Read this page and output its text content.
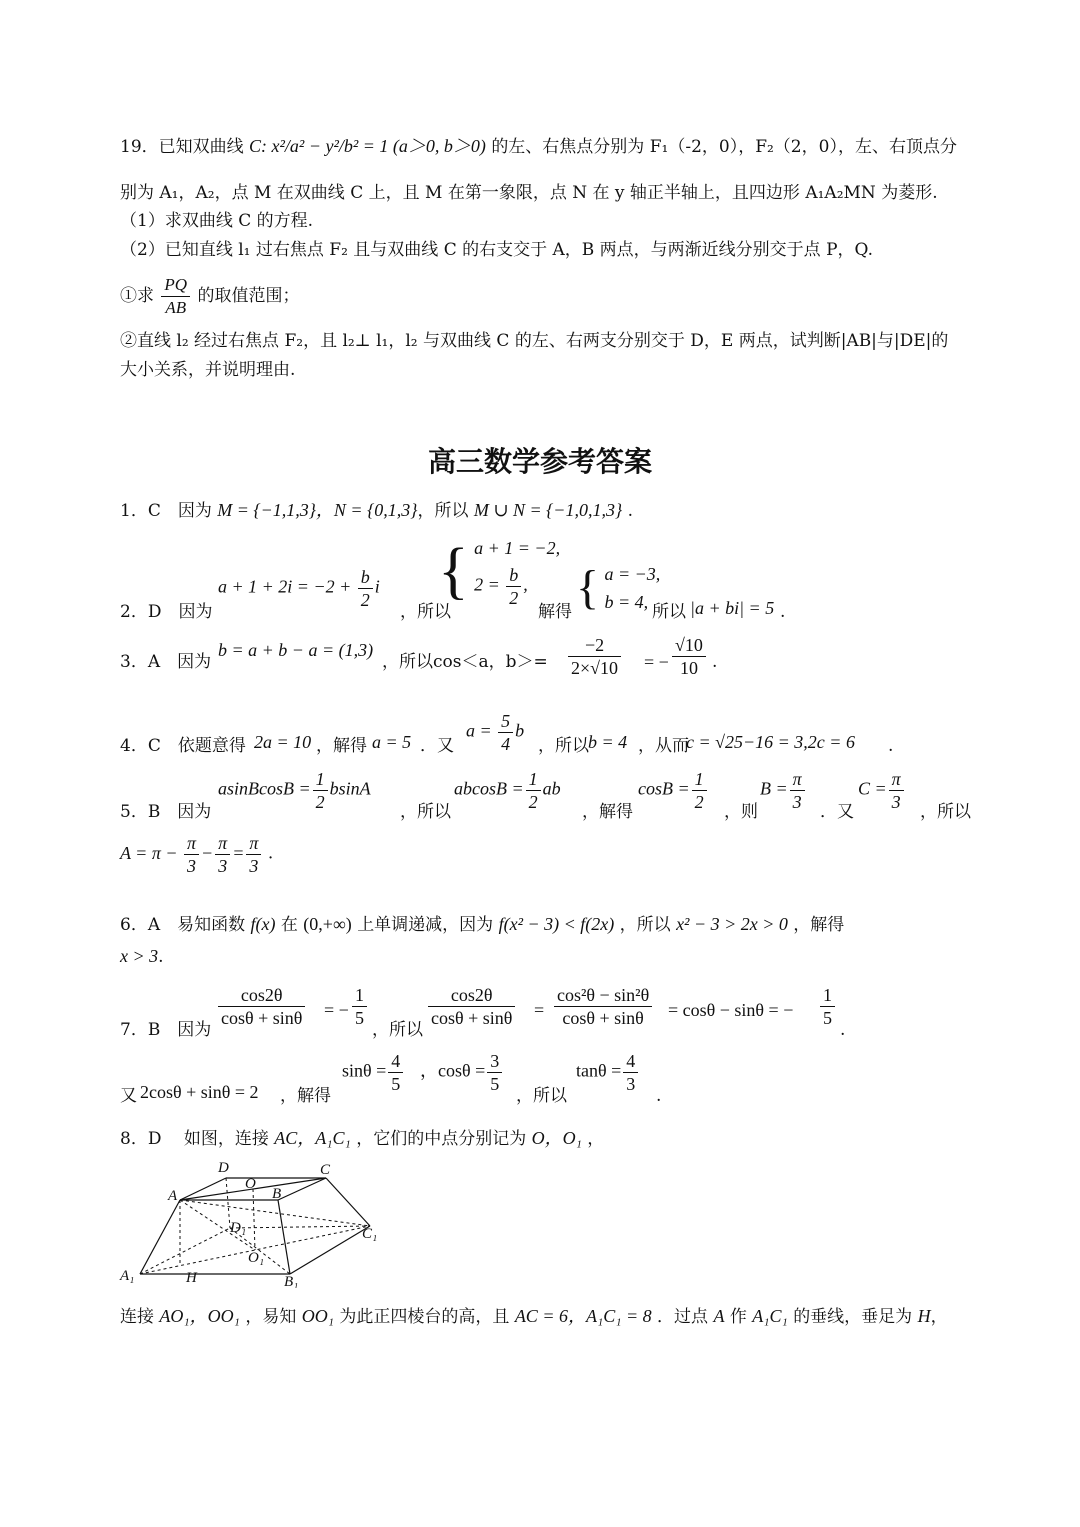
19．已知双曲线 C: x²/a² − y²/b² = 1 (a＞0, b＞0) 的左、右焦点分别为 F₁（-2，0），F₂（2，0），左、右顶点分
别为 A₁，A₂，点 M 在双曲线 C 上，且 M 在第一象限，点 N 在 y 轴正半轴上，且四边形 A₁A₂MN 为菱形.
（1）求双曲线 C 的方程.
（2）已知直线 l₁ 过右焦点 F₂ 且与双曲线 C 的右支交于 A，B 两点，与两渐近线分别交于点 P，Q.
①求 $\frac{PQ}{AB}$ 的取值范围；
②直线 l₂ 经过右焦点 F₂，且 l₂⊥ l₁，l₂ 与双曲线 C 的左、右两支分别交于 D，E 两点，试判断|AB|与|DE|的
大小关系，并说明理由.
高三数学参考答案
1．C　因为 M = {−1,1,3}，N = {0,1,3}，所以 M ∪ N = {−1,0,1,3} .
2．D　因为
$a + 1 + 2i = -2 + \frac{b}{2}$ i
，所以
{ a + 1 = −2,
$2 = \frac{b}{2}$ ,
解得 { a = −3,
b = 4, 所以 |a + bi| = 5 .
3．A　因为
b = a + b − a = (1,3)
，所以cos＜a，$b>= \frac{-2}{2\times√10}$ = − $\frac{√10}{10}$ .
4．C　依题意得 2a = 10 ，解得 a = 5 ．又
$a = \frac{5}{4}$ b
，所以 b = 4 ，从而
c = √25−16 = 3,2c = 6 .
5．B　因为
asinBcosB = $\frac{1}{2}$ bsinA
，所以
$abcosB = \frac{1}{2}$ ab
，解得
$\cos B = \frac{1}{2}$ ，则
$B = \frac{\pi}{3}$ ．又
$C = \frac{\pi}{3}$ ，所以
$A = \pi - \frac{\pi}{3} - \frac{\pi}{3} = \frac{\pi}{3}$ .
6．A　易知函数 f(x) 在 (0,+∞) 上单调递减，因为 f(x² − 3) < f(2x) ，所以 x² − 3 > 2x > 0 ，解得
x > 3.
7．B　因为
$\frac{\cos 2\theta}{\cos\theta + \sin\theta}$ = − $\frac{1}{5}$
，所以
$\frac{\cos 2\theta}{\cos\theta + \sin\theta} = \frac{\text{cos²θ − sin²θ}}{\cos\theta + \sin\theta} = \cos\theta - \sin\theta$ = − $\frac{1}{5}$
.
又 2cosθ + sinθ = 2 ，解得
$\sin\theta = \frac{4}{5}$ ，$\cos\theta = \frac{3}{5}$
，所以
$\tan\theta = \frac{4}{3}$
.
8．D　 如图，连接 AC，A₁C₁ ，它们的中点分别记为 O，O₁ ，
D
O
C
A	B
D₁
O₁
C₁
A₁	H	B₁
连接 AO₁，OO₁ ，易知 OO₁ 为此正四棱台的高，且 AC = 6，A₁C₁ = 8 ．过点 A 作 A₁C₁ 的垂线，垂足为 H，
